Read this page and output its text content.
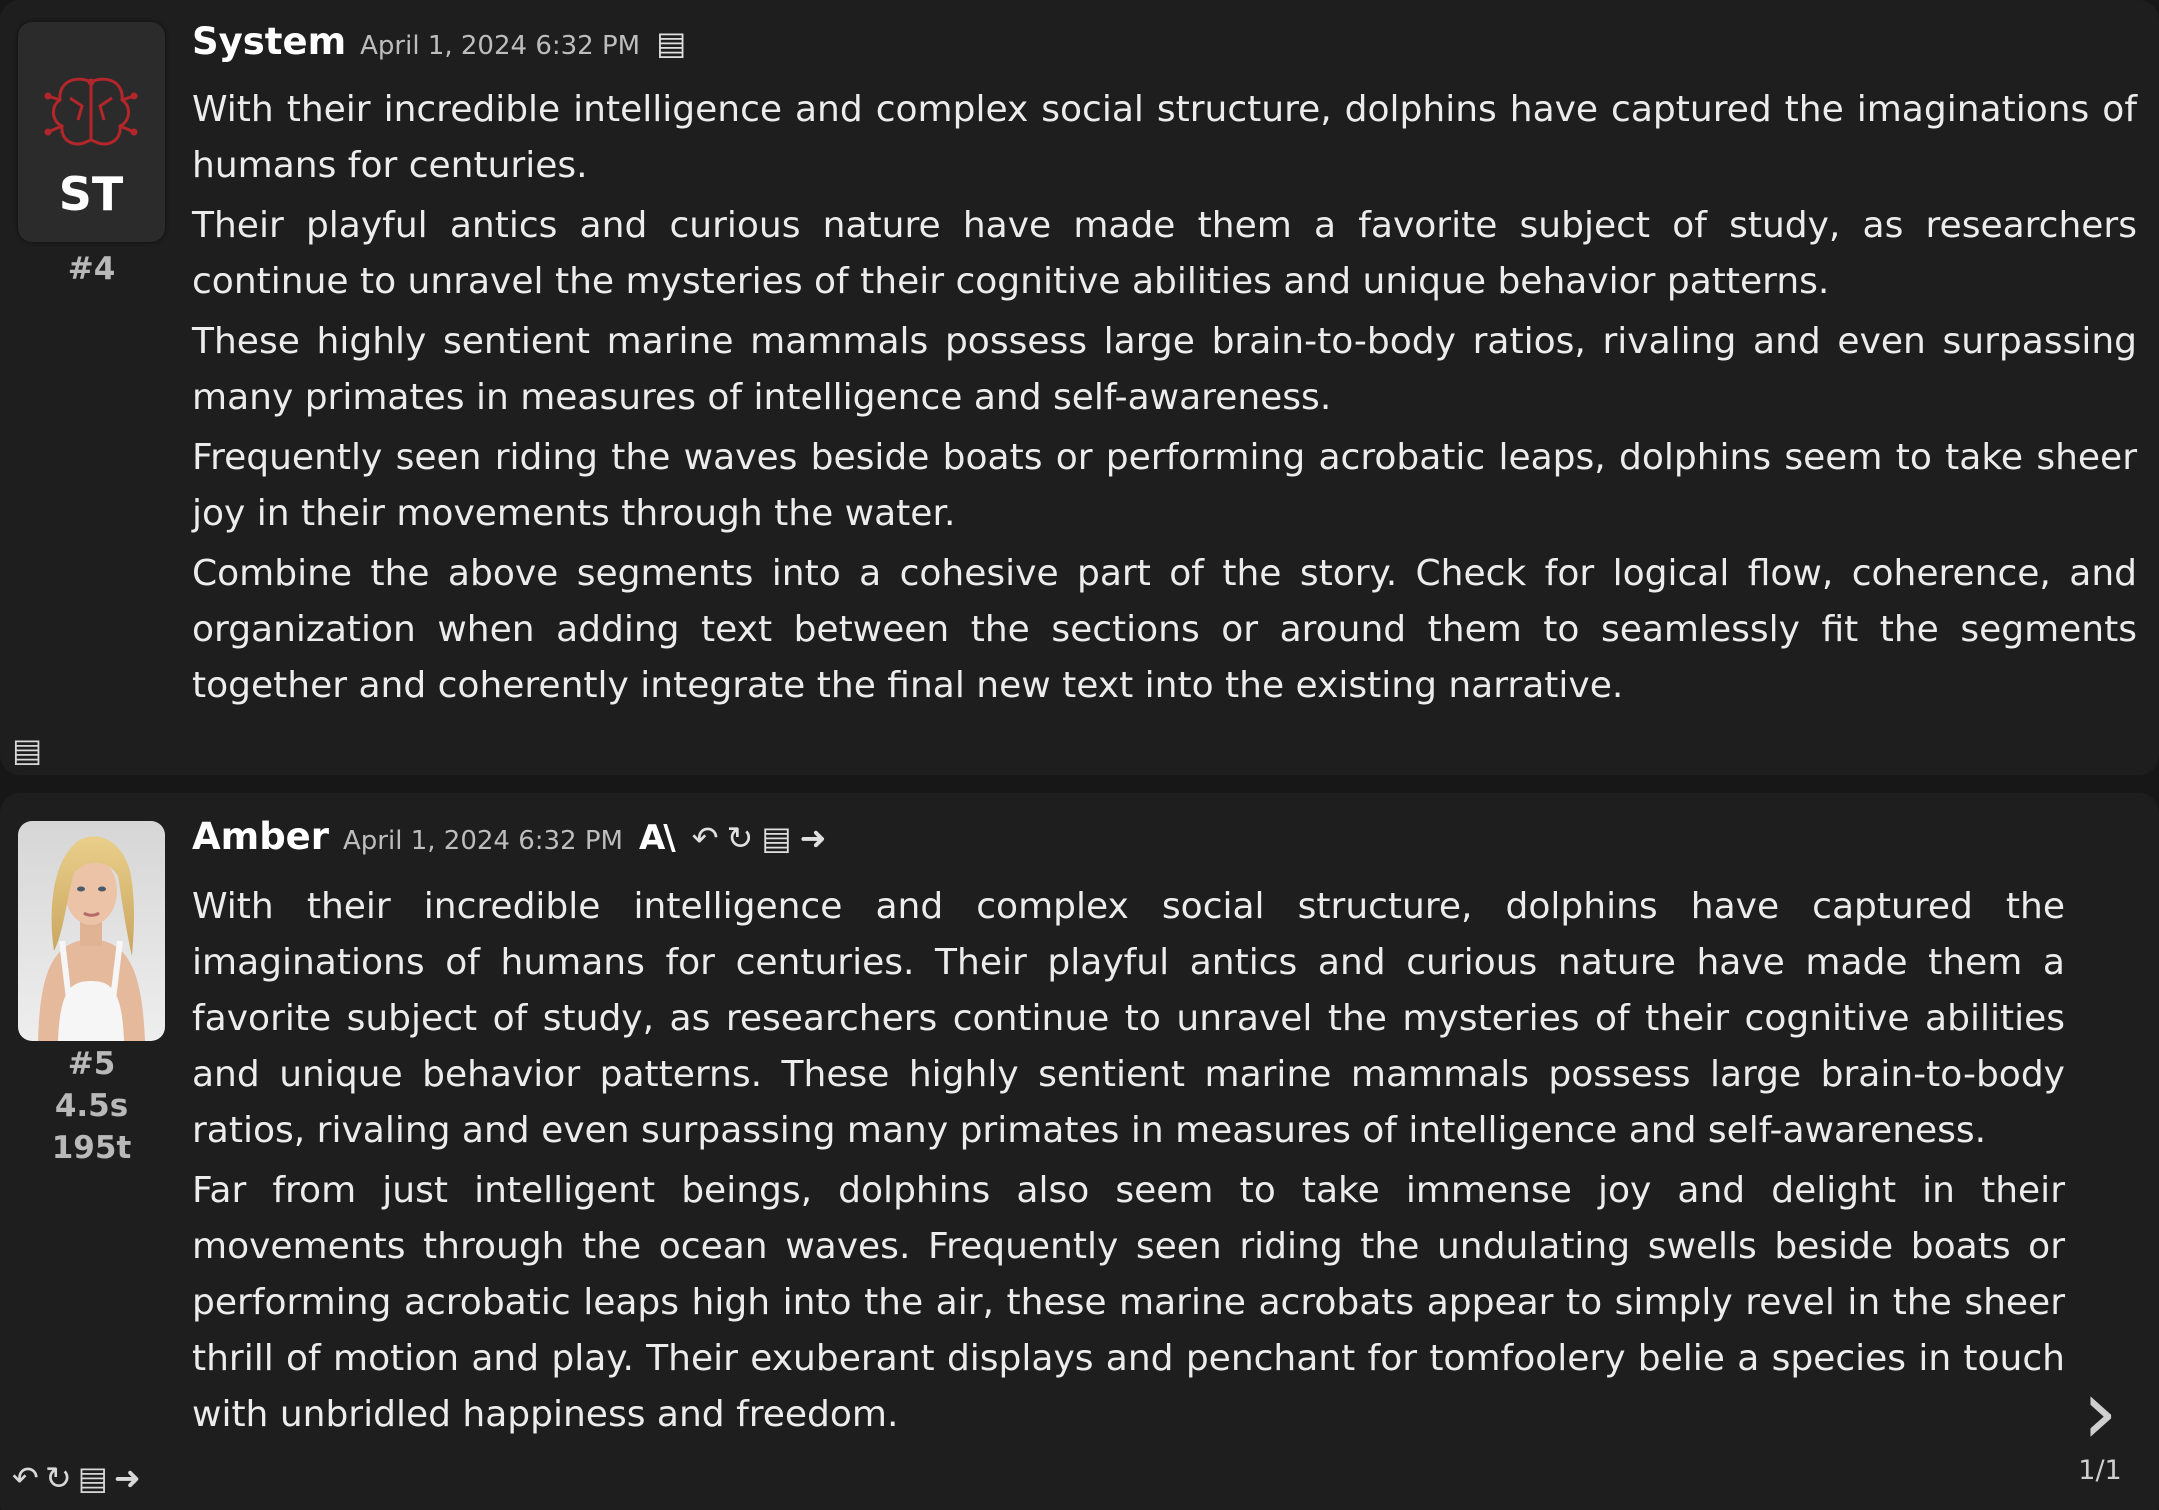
ST
#4
System April 1, 2024 6:32 PM ▤

With their incredible intelligence and complex social structure, dolphins have captured the imaginations of humans for centuries.

Their playful antics and curious nature have made them a favorite subject of study, as researchers continue to unravel the mysteries of their cognitive abilities and unique behavior patterns.

These highly sentient marine mammals possess large brain-to-body ratios, rivaling and even surpassing many primates in measures of intelligence and self-awareness.

Frequently seen riding the waves beside boats or performing acrobatic leaps, dolphins seem to take sheer joy in their movements through the water.

Combine the above segments into a cohesive part of the story. Check for logical flow, coherence, and organization when adding text between the sections or around them to seamlessly fit the segments together and coherently integrate the final new text into the existing narrative.

▤
#5
4.5s
195t
Amber April 1, 2024 6:32 PM A\ ↶ ↻ ▤ ➜

With their incredible intelligence and complex social structure, dolphins have captured the imaginations of humans for centuries. Their playful antics and curious nature have made them a favorite subject of study, as researchers continue to unravel the mysteries of their cognitive abilities and unique behavior patterns. These highly sentient marine mammals possess large brain-to-body ratios, rivaling and even surpassing many primates in measures of intelligence and self-awareness.

Far from just intelligent beings, dolphins also seem to take immense joy and delight in their movements through the ocean waves. Frequently seen riding the undulating swells beside boats or performing acrobatic leaps high into the air, these marine acrobats appear to simply revel in the sheer thrill of motion and play. Their exuberant displays and penchant for tomfoolery belie a species in touch with unbridled happiness and freedom.

↶ ↻ ▤ ➜
›
1/1
